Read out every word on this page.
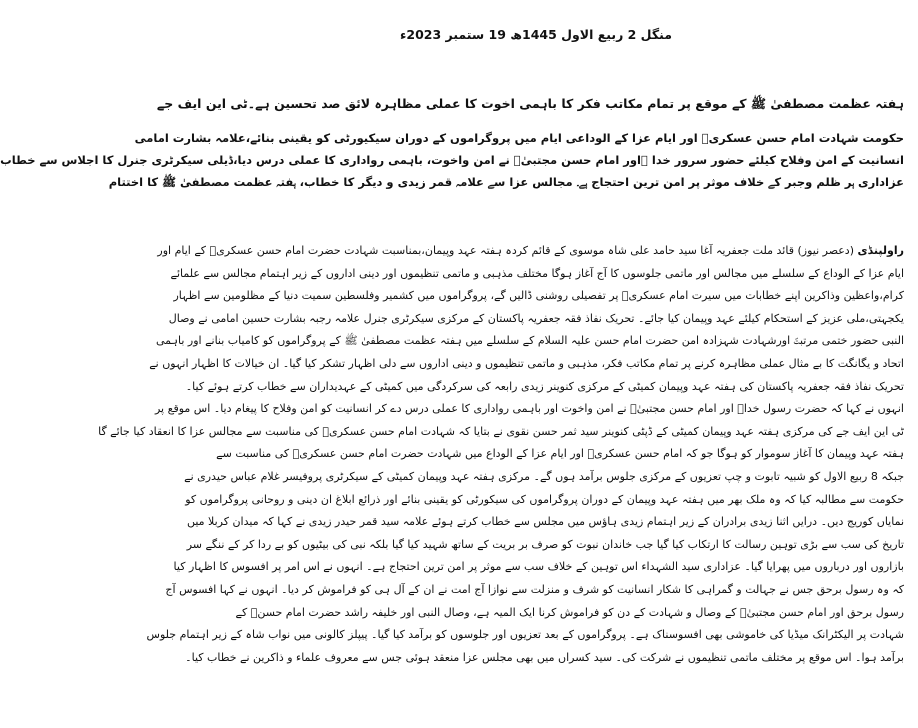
منگل 2 ربیع الاول 1445ھ 19 ستمبر 2023ء
ہفتہ عظمت مصطفیٰ ﷺ کے موقع پر تمام مکاتب فکر کا باہمی اخوت کا عملی مظاہرہ لائق صد تحسین ہے۔ٹی این ایف جے
حکومت شہادت امام حسن عسکریؑ اور ایام عزا کے الوداعی ایام میں پروگراموں کے دوران سیکیورٹی کو یقینی بنائے،علامہ بشارت امامی
انسانیت کے امن وفلاح کیلئے حضور سرور خدا ؐاور امام حسن مجتبیٰؑ نے امن واخوت، باہمی رواداری کا عملی درس دیا،ڈیلی سیکرٹری جنرل کا اجلاس سے خطاب
عزاداری ہر ظلم وجبر کے خلاف موثر پر امن ترین احتجاج ہے۔ مجالس عزا سے علامہ قمر زیدی و دیگر کا خطاب، ہفتہ عظمت مصطفیٰ ﷺ کا اختتام
راولپنڈی (دعصر نیوز) قائد ملت جعفریہ آغا سید حامد علی شاہ موسوی کے قائم کردہ ہفتہ عہد وپیمان،بمناسبت شہادت حضرت امام حسن عسکریؑ کے ایام اور
ایام عزا کے الوداع کے سلسلے میں مجالس اور ماتمی جلوسوں کا آج آغاز ہوگا مختلف مذہبی و ماتمی تنظیموں اور دینی اداروں کے زیر اہتمام مجالس سے علمائے
کرام،واعظین وذاکرین اپنے خطابات میں سیرت امام عسکریؑ پر تفصیلی روشنی ڈالیں گے، پروگراموں میں کشمیر وفلسطین سمیت دنیا کے مظلومین سے اظہار
یکجہتی،ملی عزیز کے استحکام کیلئے عہد وپیمان کیا جائے۔ تحریک نفاذ فقہ جعفریہ پاکستان کے مرکزی سیکرٹری جنرل علامہ رجبہ بشارت حسین امامی نے وصال
النبی حضور ختمی مرتبتؐ اورشہادت شہزادہ امن حضرت امام حسن علیہ السلام کے سلسلے میں ہفتہ عظمت مصطفیٰ ﷺ کے پروگراموں کو کامیاب بنانے اور باہمی
اتحاد و یگانگت کا بے مثال عملی مظاہرہ کرنے پر تمام مکاتب فکر، مذہبی و ماتمی تنظیموں و دینی اداروں سے دلی اظہار تشکر کیا گیا۔ ان خیالات کا اظہار انہوں نے
تحریک نفاذ فقہ جعفریہ پاکستان کی ہفتہ عہد وپیمان کمیٹی کے مرکزی کنوینر زیدی رابعہ کی سرکردگی میں کمیٹی کے عہدیداران سے خطاب کرتے ہوئے کیا۔
انہوں نے کہا کہ حضرت رسول خداؐ اور امام حسن مجتبیٰؑ نے امن واخوت اور باہمی رواداری کا عملی درس دے کر انسانیت کو امن وفلاح کا پیغام دیا۔ اس موقع پر
ٹی این ایف جے کی مرکزی ہفتہ عہد وپیمان کمیٹی کے ڈپٹی کنوینر سید ثمر حسن نقوی نے بتایا کہ شہادت امام حسن عسکریؑ کی مناسبت سے مجالس عزا کا انعقاد کیا جائے گا
ہفتہ عہد وپیمان کا آغاز سوموار کو ہوگا جو کہ امام حسن عسکریؑ اور ایام عزا کے الوداع میں شہادت حضرت امام حسن عسکریؑ کی مناسبت سے
جبکہ 8 ربیع الاول کو شبیہ تابوت و چپ تعزیوں کے مرکزی جلوس برآمد ہوں گے۔ مرکزی ہفتہ عہد وپیمان کمیٹی کے سیکرٹری پروفیسر غلام عباس حیدری نے
حکومت سے مطالبہ کیا کہ وہ ملک بھر میں ہفتہ عہد وپیمان کے دوران پروگراموں کی سیکورٹی کو یقینی بنائے اور ذرائع ابلاغ ان دینی و روحانی پروگراموں کو
نمایاں کوریج دیں۔ درایں اثنا زیدی برادران کے زیر اہتمام زیدی ہاؤس میں مجلس سے خطاب کرتے ہوئے علامہ سید قمر حیدر زیدی نے کہا کہ میدان کربلا میں
تاریخ کی سب سے بڑی توہین رسالت کا ارتکاب کیا گیا جب خاندان نبوت کو صرف بر بریت کے ساتھ شہید کیا گیا بلکہ نبی کی بیٹیوں کو بے ردا کر کے ننگے سر
بازاروں اور درباروں میں پھرایا گیا۔ عزاداری سید الشہداء اس توہین کے خلاف سب سے موثر پر امن ترین احتجاج ہے۔ انہوں نے اس امر پر افسوس کا اظہار کیا
کہ وہ رسول برحق جس نے جہالت و گمراہی کا شکار انسانیت کو شرف و منزلت سے نوازا آج امت نے ان کے آل ہی کو فراموش کر دیا۔ انہوں نے کہا افسوس آج
رسول برحق اور امام حسن مجتبیٰؑ کے وصال و شہادت کے دن کو فراموش کرنا ایک المیہ ہے، وصال النبی اور خلیفہ راشد حضرت امام حسنؑ کے
شہادت پر الیکٹرانک میڈیا کی خاموشی بھی افسوسناک ہے۔ پروگراموں کے بعد تعزیوں اور جلوسوں کو برآمد کیا گیا۔ پیپلز کالونی میں نواب شاہ کے زیر اہتمام جلوس
برآمد ہوا۔ اس موقع پر مختلف ماتمی تنظیموں نے شرکت کی۔ سید کسراں میں بھی مجلس عزا منعقد ہوئی جس سے معروف علماء و ذاکرین نے خطاب کیا۔
